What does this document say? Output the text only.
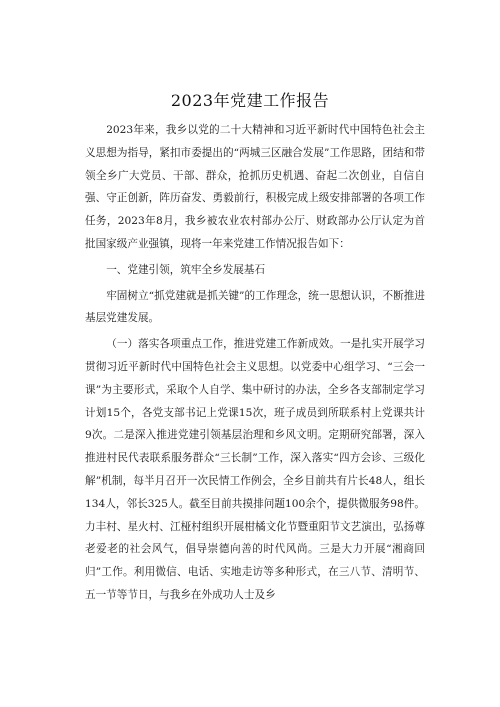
2023年党建工作报告

2023年来，我乡以党的二十大精神和习近平新时代中国特色社会主义思想为指导，紧扣市委提出的“两城三区融合发展”工作思路，团结和带领全乡广大党员、干部、群众，抢抓历史机遇、奋起二次创业，自信自强、守正创新，阵历奋发、勇毅前行，积极完成上级安排部署的各项工作任务，2023年8月，我乡被农业农村部办公厅、财政部办公厅认定为首批国家级产业强镇，现将一年来党建工作情况报告如下：

一、党建引领，筑牢全乡发展基石

牢固树立“抓党建就是抓关键”的工作理念，统一思想认识，不断推进基层党建发展。

（一）落实各项重点工作，推进党建工作新成效。一是扎实开展学习贯彻习近平新时代中国特色社会主义思想。以党委中心组学习、“三会一课”为主要形式，采取个人自学、集中研讨的办法，全乡各支部制定学习计划15个，各党支部书记上党课15次，班子成员到所联系村上党课共计9次。二是深入推进党建引领基层治理和乡风文明。定期研究部署，深入推进村民代表联系服务群众“三长制”工作，深入落实“四方会诊、三级化解”机制，每半月召开一次民情工作例会，全乡目前共有片长48人，组长134人，邻长325人。截至目前共摸排问题100余个，提供微服务98件。力丰村、星火村、江桠村组织开展柑橘文化节暨重阳节文艺演出，弘扬尊老爱老的社会风气，倡导崇德向善的时代风尚。三是大力开展“湘商回归”工作。利用微信、电话、实地走访等多种形式，在三八节、清明节、五一节等节日，与我乡在外成功人士及乡
